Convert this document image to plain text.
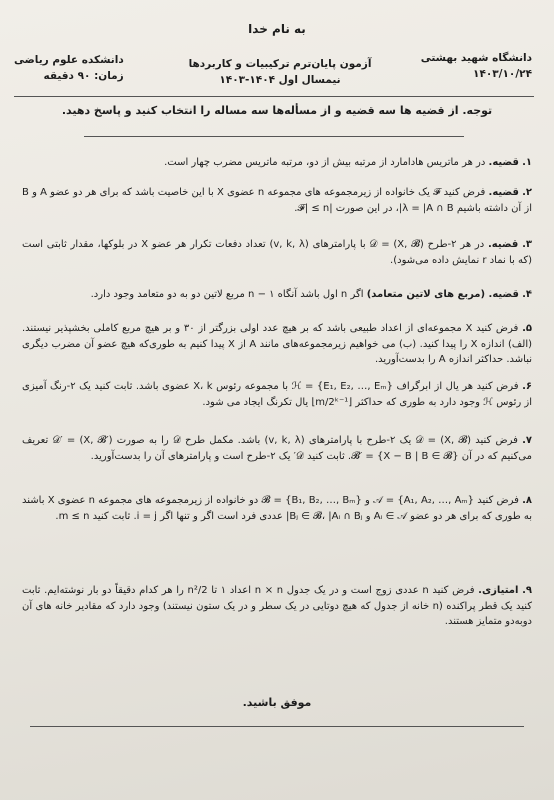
به نام خدا
دانشگاه شهید بهشتی
۱۴۰۳/۱۰/۲۴
آزمون پایان‌ترم ترکیبیات و کاربردها
نیمسال اول ۱۴۰۴-۱۴۰۳
دانشکده علوم ریاضی
زمان: ۹۰ دقیقه
توجه. از قضیه ها سه قضیه و از مسأله‌ها سه مساله را انتخاب کنید و پاسخ دهید.
۱. قضیه. در هر ماتریس هادامارد از مرتبه بیش از دو، مرتبه ماتریس مضرب چهار است.
۲. قضیه. فرض کنید 𝓕 یک خانواده از زیرمجموعه های مجموعه n عضوی X با این خاصیت باشد که برای هر دو عضو A و B از آن داشته باشیم λ = |A ∩ B|، در این صورت |𝓕| ≤ n.
۳. قضیه. در هر ۲-طرح 𝒟 = (X, 𝓑) با پارامترهای (v, k, λ) تعداد دفعات تکرار هر عضو X در بلوکها، مقدار ثابتی است (که با نماد r نمایش داده می‌شود).
۴. قضیه. (مربع های لاتین متعامد) اگر n اول باشد آنگاه n − ۱ مربع لاتین دو به دو متعامد وجود دارد.
۵. فرض کنید X مجموعه‌ای از اعداد طبیعی باشد که بر هیچ عدد اولی بزرگتر از ۳۰ و بر هیچ مربع کاملی بخشپذیر نیستند. (الف) اندازه X را پیدا کنید. (ب) می خواهیم زیرمجموعه‌های مانند A از X پیدا کنیم به طوری‌که هیچ عضو آن مضرب دیگری نباشد. حداکثر اندازه A را بدست‌آورید.
۶. فرض کنید هر یال از ابرگراف ℋ = {E₁, E₂, …, Eₘ} با مجموعه رئوس X، k عضوی باشد. ثابت کنید یک ۲-رنگ آمیزی از رئوس ℋ وجود دارد به طوری که حداکثر ⌊m/2ᵏ⁻¹⌋ یال تکرنگ ایجاد می شود.
۷. فرض کنید 𝒟 = (X, 𝓑) یک ۲-طرح با پارامترهای (v, k, λ) باشد. مکمل طرح 𝒟 را به صورت 𝒟′ = (X, 𝓑′) تعریف می‌کنیم که در آن 𝓑′ = {X − B | B ∈ 𝓑}. ثابت کنید 𝒟′ یک ۲-طرح است و پارامترهای آن را بدست‌آورید.
۸. فرض کنید 𝒜 = {A₁, A₂, …, Aₘ} و 𝓑 = {B₁, B₂, …, Bₘ} دو خانواده از زیرمجموعه های مجموعه n عضوی X باشند به طوری که برای هر دو عضو Aᵢ ∈ 𝒜 و Bⱼ ∈ 𝓑، |Aᵢ ∩ Bⱼ| عددی فرد است اگر و تنها اگر i = j. ثابت کنید m ≤ n.
۹. امتیازی. فرض کنید n عددی زوج است و در یک جدول n × n اعداد ۱ تا n²/2 را هر کدام دقیقاً دو بار نوشته‌ایم. ثابت کنید یک قطر پراکنده (n خانه از جدول که هیچ دوتایی در یک سطر و در یک ستون نیستند) وجود دارد که مقادیر خانه های آن دوبه‌دو متمایز هستند.
موفق باشید.
